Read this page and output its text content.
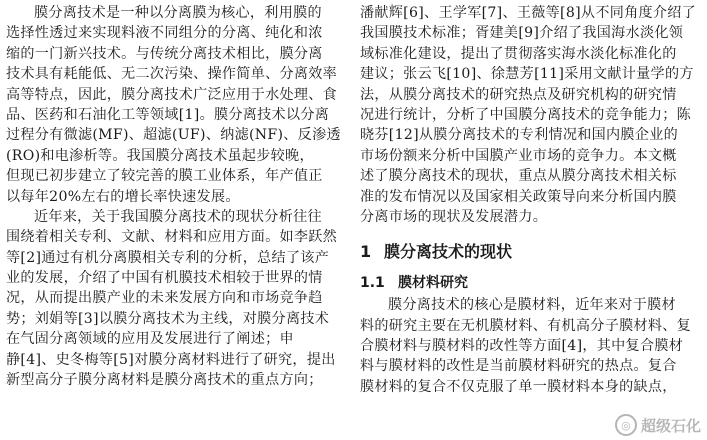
膜分离技术是一种以分离膜为核心，利用膜的
选择性透过来实现料液不同组分的分离、纯化和浓
缩的一门新兴技术。与传统分离技术相比，膜分离
技术具有耗能低、无二次污染、操作简单、分离效率
高等特点，因此，膜分离技术广泛应用于水处理、食
品、医药和石油化工等领域[1]。膜分离技术以分离
过程分有微滤(MF)、超滤(UF)、纳滤(NF)、反渗透
(RO)和电渗析等。我国膜分离技术虽起步较晚，
但现已初步建立了较完善的膜工业体系，年产值正
以每年20%左右的增长率快速发展。
近年来，关于我国膜分离技术的现状分析往往
围绕着相关专利、文献、材料和应用方面。如李跃然
等[2]通过有机分离膜相关专利的分析，总结了该产
业的发展，介绍了中国有机膜技术相较于世界的情
况，从而提出膜产业的未来发展方向和市场竞争趋
势；刘娟等[3]以膜分离技术为主线，对膜分离技术
在气固分离领域的应用及发展进行了阐述；申
静[4]、史冬梅等[5]对膜分离材料进行了研究，提出
新型高分子膜分离材料是膜分离技术的重点方向；
潘献辉[6]、王学军[7]、王薇等[8]从不同角度介绍了
我国膜技术标准；胥建美[9]介绍了我国海水淡化领
域标准化建设，提出了贯彻落实海水淡化标准化的
建议；张云飞[10]、徐慧芳[11]采用文献计量学的方
法，从膜分离技术的研究热点及研究机构的研究情
况进行统计，分析了中国膜分离技术的竞争能力；陈
晓芬[12]从膜分离技术的专利情况和国内膜企业的
市场份额来分析中国膜产业市场的竞争力。本文概
述了膜分离技术的现状，重点从膜分离技术相关标
准的发布情况以及国家相关政策导向来分析国内膜
分离市场的现状及发展潜力。
1 膜分离技术的现状
1.1 膜材料研究
膜分离技术的核心是膜材料，近年来对于膜材
料的研究主要在无机膜材料、有机高分子膜材料、复
合膜材料与膜材料的改性等方面[4]，其中复合膜材
料与膜材料的改性是当前膜材料研究的热点。复合
膜材料的复合不仅克服了单一膜材料本身的缺点，
◎ 超级石化
